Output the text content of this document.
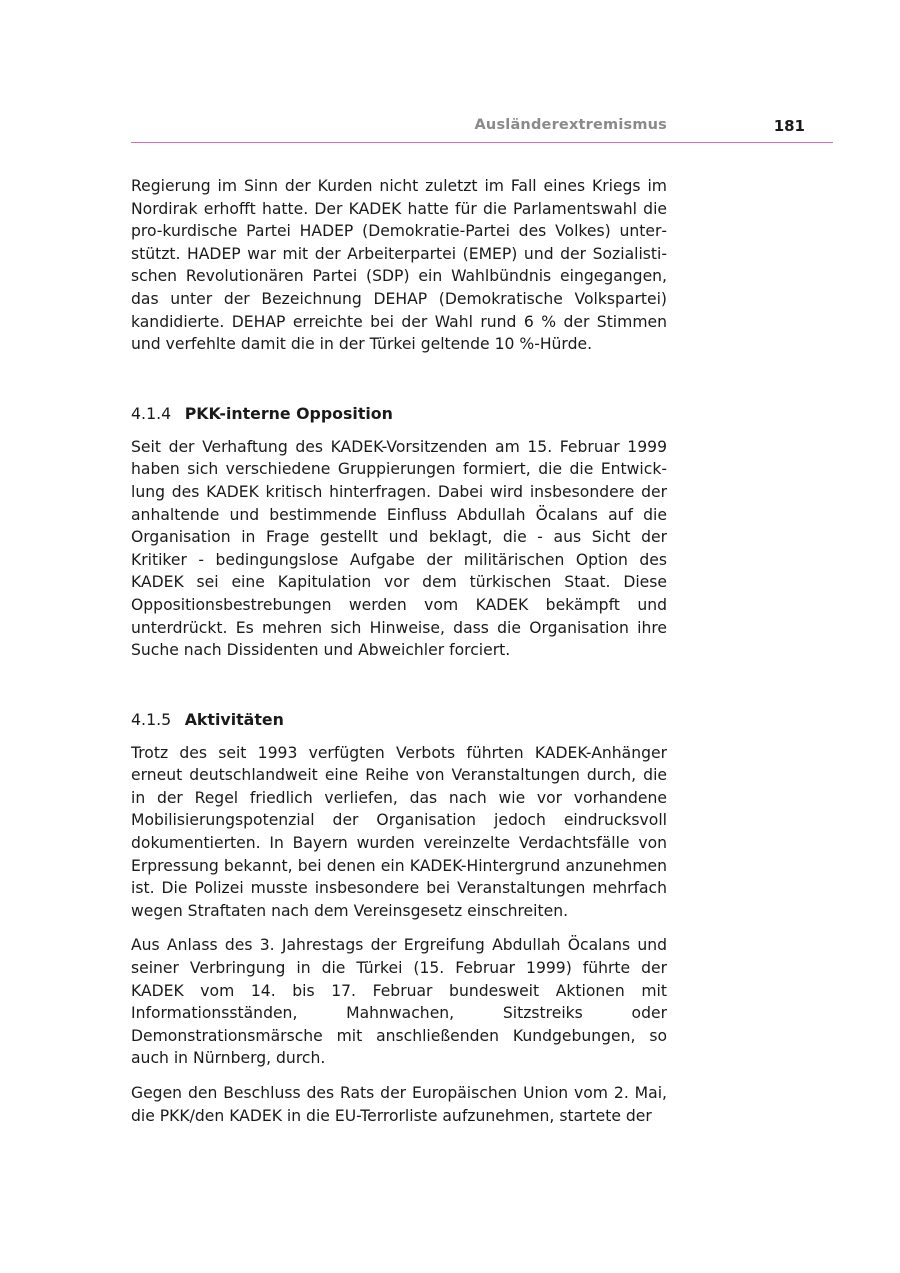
Ausländerextremismus	181

Regierung im Sinn der Kurden nicht zuletzt im Fall eines Kriegs im Nordirak erhofft hatte. Der KADEK hatte für die Parlamentswahl die pro-kurdische Partei HADEP (Demokratie-Partei des Volkes) unterstützt. HADEP war mit der Arbeiterpartei (EMEP) und der Sozialistischen Revolutionären Partei (SDP) ein Wahlbündnis eingegangen, das unter der Bezeichnung DEHAP (Demokratische Volkspartei) kandidierte. DEHAP erreichte bei der Wahl rund 6 % der Stimmen und verfehlte damit die in der Türkei geltende 10 %-Hürde.

4.1.4 PKK-interne Opposition

Seit der Verhaftung des KADEK-Vorsitzenden am 15. Februar 1999 haben sich verschiedene Gruppierungen formiert, die die Entwicklung des KADEK kritisch hinterfragen. Dabei wird insbesondere der anhaltende und bestimmende Einfluss Abdullah Öcalans auf die Organisation in Frage gestellt und beklagt, die - aus Sicht der Kritiker - bedingungslose Aufgabe der militärischen Option des KADEK sei eine Kapitulation vor dem türkischen Staat. Diese Oppositionsbestrebungen werden vom KADEK bekämpft und unterdrückt. Es mehren sich Hinweise, dass die Organisation ihre Suche nach Dissidenten und Abweichler forciert.

4.1.5 Aktivitäten

Trotz des seit 1993 verfügten Verbots führten KADEK-Anhänger erneut deutschlandweit eine Reihe von Veranstaltungen durch, die in der Regel friedlich verliefen, das nach wie vor vorhandene Mobilisierungspotenzial der Organisation jedoch eindrucksvoll dokumentierten. In Bayern wurden vereinzelte Verdachtsfälle von Erpressung bekannt, bei denen ein KADEK-Hintergrund anzunehmen ist. Die Polizei musste insbesondere bei Veranstaltungen mehrfach wegen Straftaten nach dem Vereinsgesetz einschreiten.

Aus Anlass des 3. Jahrestags der Ergreifung Abdullah Öcalans und seiner Verbringung in die Türkei (15. Februar 1999) führte der KADEK vom 14. bis 17. Februar bundesweit Aktionen mit Informationsständen, Mahnwachen, Sitzstreiks oder Demonstrationsmärsche mit anschließenden Kundgebungen, so auch in Nürnberg, durch.

Gegen den Beschluss des Rats der Europäischen Union vom 2. Mai, die PKK/den KADEK in die EU-Terrorliste aufzunehmen, startete der
